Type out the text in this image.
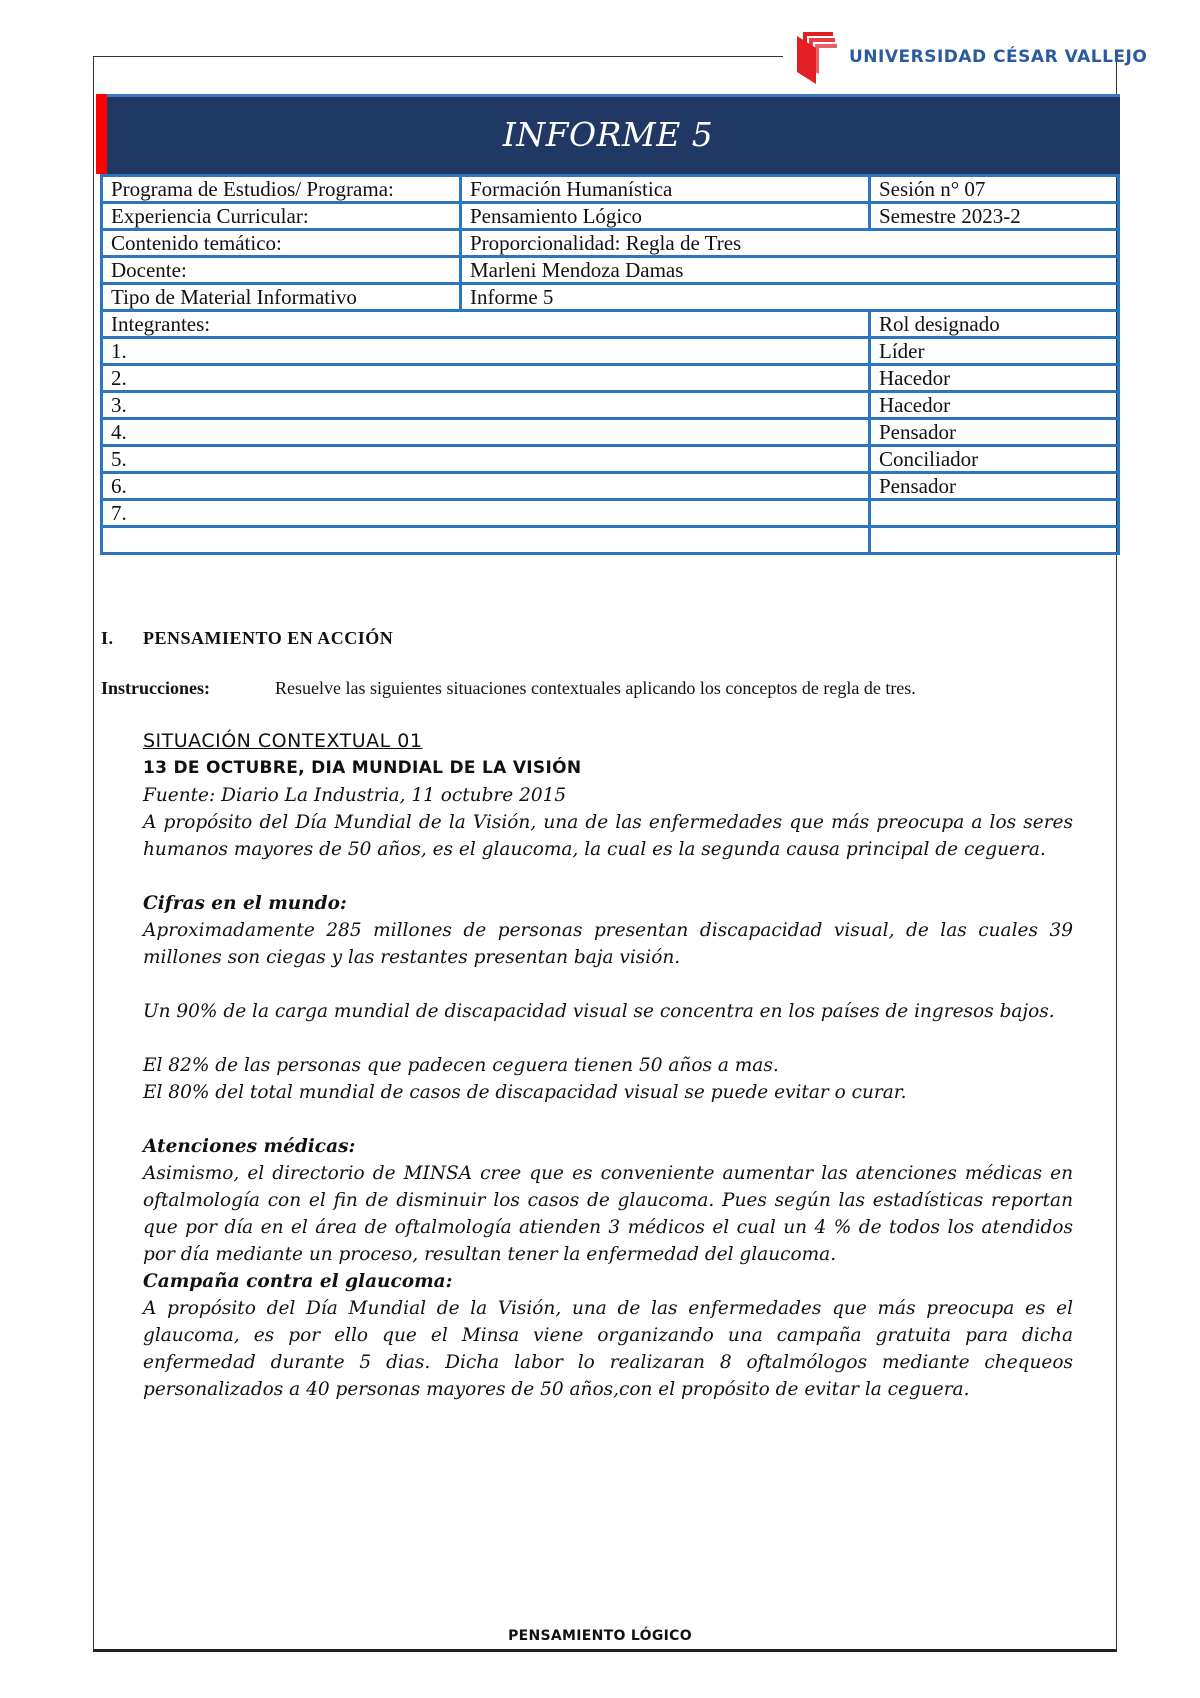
UNIVERSIDAD CÉSAR VALLEJO
INFORME 5
Programa de Estudios/ Programa:	Formación Humanística	Sesión n° 07
Experiencia Curricular:	Pensamiento Lógico	Semestre 2023-2
Contenido temático:	Proporcionalidad: Regla de Tres	
Docente:	Marleni Mendoza Damas	
Tipo de Material Informativo	Informe 5	
Integrantes:		Rol designado
1.		Líder
2.		Hacedor
3.		Hacedor
4.		Pensador
5.		Conciliador
6.		Pensador
7.		

I. PENSAMIENTO EN ACCIÓN
Instrucciones:	Resuelve las siguientes situaciones contextuales aplicando los conceptos de regla de tres.
SITUACIÓN CONTEXTUAL 01
13 DE OCTUBRE, DIA MUNDIAL DE LA VISIÓN
Fuente: Diario La Industria, 11 octubre 2015
A propósito del Día Mundial de la Visión, una de las enfermedades que más preocupa a los seres humanos mayores de 50 años, es el glaucoma, la cual es la segunda causa principal de ceguera.
Cifras en el mundo:
Aproximadamente 285 millones de personas presentan discapacidad visual, de las cuales 39 millones son ciegas y las restantes presentan baja visión.
Un 90% de la carga mundial de discapacidad visual se concentra en los países de ingresos bajos.
El 82% de las personas que padecen ceguera tienen 50 años a mas.
El 80% del total mundial de casos de discapacidad visual se puede evitar o curar.
Atenciones médicas:
Asimismo, el directorio de MINSA cree que es conveniente aumentar las atenciones médicas en oftalmología con el fin de disminuir los casos de glaucoma. Pues según las estadísticas reportan que por día en el área de oftalmología atienden 3 médicos el cual un 4 % de todos los atendidos por día mediante un proceso, resultan tener la enfermedad del glaucoma.
Campaña contra el glaucoma:
A propósito del Día Mundial de la Visión, una de las enfermedades que más preocupa es el glaucoma, es por ello que el Minsa viene organizando una campaña gratuita para dicha enfermedad durante 5 dias. Dicha labor lo realizaran 8 oftalmólogos mediante chequeos personalizados a 40 personas mayores de 50 años,con el propósito de evitar la ceguera.
PENSAMIENTO LÓGICO
